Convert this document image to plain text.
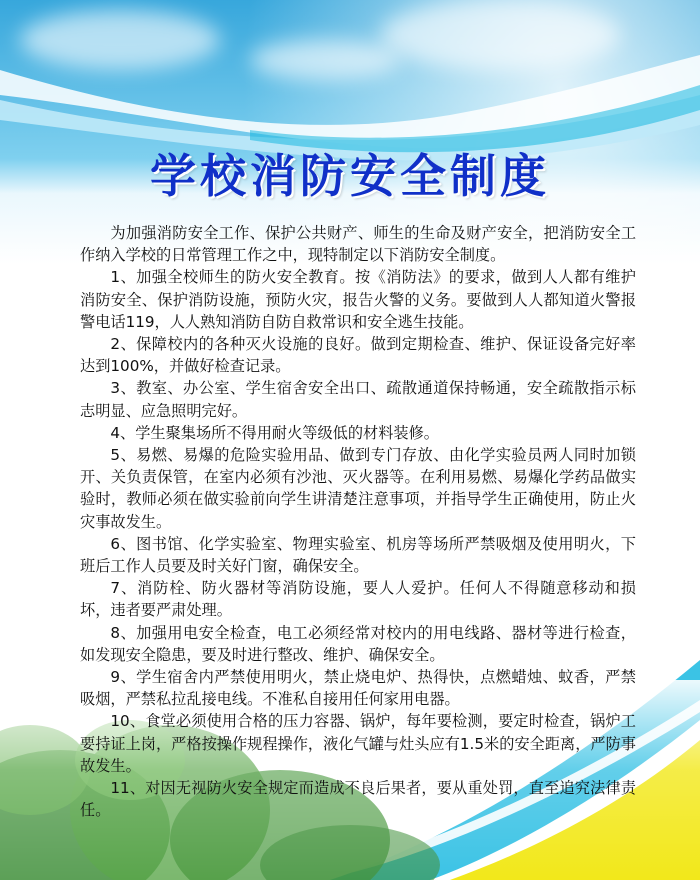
学校消防安全制度

为加强消防安全工作、保护公共财产、师生的生命及财产安全，把消防安全工作纳入学校的日常管理工作之中，现特制定以下消防安全制度。

1、加强全校师生的防火安全教育。按《消防法》的要求，做到人人都有维护消防安全、保护消防设施，预防火灾，报告火警的义务。要做到人人都知道火警报警电话119，人人熟知消防自防自救常识和安全逃生技能。

2、保障校内的各种灭火设施的良好。做到定期检查、维护、保证设备完好率达到100%，并做好检查记录。

3、教室、办公室、学生宿舍安全出口、疏散通道保持畅通，安全疏散指示标志明显、应急照明完好。

4、学生聚集场所不得用耐火等级低的材料装修。

5、易燃、易爆的危险实验用品、做到专门存放、由化学实验员两人同时加锁开、关负责保管，在室内必须有沙池、灭火器等。在利用易燃、易爆化学药品做实验时，教师必须在做实验前向学生讲清楚注意事项，并指导学生正确使用，防止火灾事故发生。

6、图书馆、化学实验室、物理实验室、机房等场所严禁吸烟及使用明火，下班后工作人员要及时关好门窗，确保安全。

7、消防栓、防火器材等消防设施，要人人爱护。任何人不得随意移动和损坏，违者要严肃处理。

8、加强用电安全检查，电工必须经常对校内的用电线路、器材等进行检查，如发现安全隐患，要及时进行整改、维护、确保安全。

9、学生宿舍内严禁使用明火，禁止烧电炉、热得快，点燃蜡烛、蚊香，严禁吸烟，严禁私拉乱接电线。不准私自接用任何家用电器。

10、食堂必须使用合格的压力容器、锅炉，每年要检测，要定时检查，锅炉工要持证上岗，严格按操作规程操作，液化气罐与灶头应有1.5米的安全距离，严防事故发生。

11、对因无视防火安全规定而造成不良后果者，要从重处罚，直至追究法律责任。
